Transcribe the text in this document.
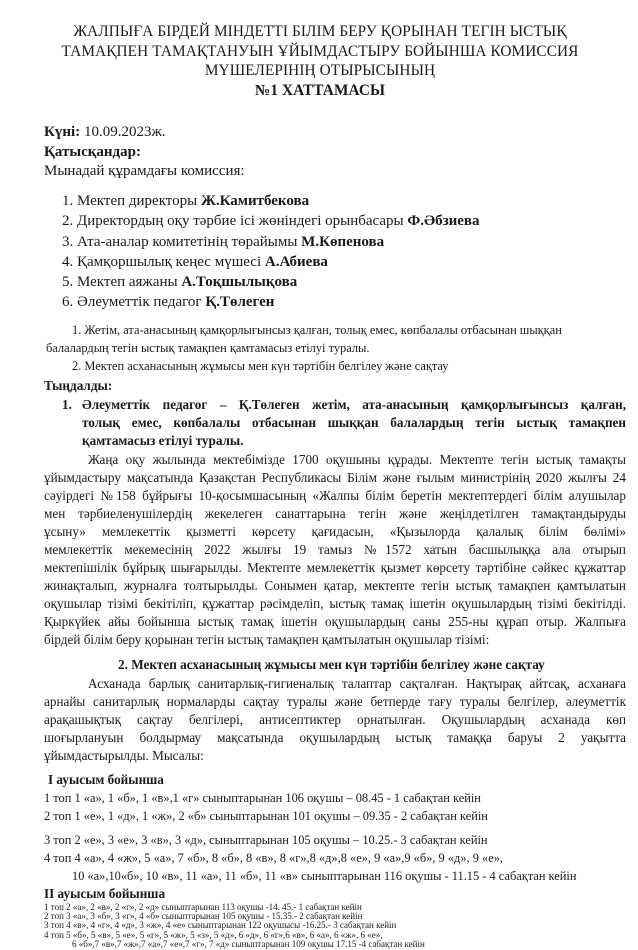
ЖАЛПЫҒА БІРДЕЙ МІНДЕТТІ БІЛІМ БЕРУ ҚОРЫНАН ТЕГІН ЫСТЫҚ
ТАМАҚПЕН ТАМАҚТАНУЫН ҰЙЫМДАСТЫРУ БОЙЫНША КОМИССИЯ
МҮШЕЛЕРІНІҢ ОТЫРЫСЫНЫҢ
№1 ХАТТАМАСЫ
Күні: 10.09.2023ж.
Қатысқандар:
Мынадай құрамдағы комиссия:
1. Мектеп директоры Ж.Камитбекова
2. Директордың оқу тәрбие ісі жөніндегі орынбасары Ф.Әбзиева
3. Ата-аналар комитетінің төрайымы М.Көпенова
4. Қамқоршылық кеңес мүшесі А.Абиева
5. Мектеп аяжаны А.Тоқшылықова
6. Әлеуметтік педагог Қ.Төлеген
1. Жетім, ата-анасының қамқорлығынсыз қалған, толық емес, көпбалалы отбасынан шыққан
балалардың тегін ыстық тамақпен қамтамасыз етілуі туралы.
2. Мектеп асханасының жұмысы мен күн тәртібін белгілеу және сақтау
Тыңдалды:
1. Әлеуметтік педагог – Қ.Төлеген жетім, ата-анасының қамқорлығынсыз қалған,
толық емес, көпбалалы отбасынан шыққан балалардың тегін ыстық тамақпен
қамтамасыз етілуі туралы.
Жаңа оқу жылында мектебімізде 1700 оқушыны құрады. Мектепте тегін ыстық тамақты
ұйымдастыру мақсатында Қазақстан Республикасы Білім және ғылым министрінің 2020 жылғы 24
сәуірдегі №158 бұйрығы 10-қосымшасының «Жалпы білім беретін мектептердегі білім алушылар
мен тәрбиеленушілердің жекелеген санаттарына тегін және жеңілдетілген тамақтандыруды
ұсыну» мемлекеттік қызметті көрсету қағидасын, «Қызылорда қалалық білім бөлімі»
мемлекеттік мекемесінің 2022 жылғы 19 тамыз №1572 хатын басшылыққа ала отырып
мектепішілік бұйрық шығарылды. Мектепте мемлекеттік қызмет көрсету тәртібіне сәйкес құжаттар
жинақталып, журналға толтырылды. Сонымен қатар, мектепте тегін ыстық тамақпен қамтылатын
оқушылар тізімі бекітіліп, құжаттар рәсімделіп, ыстық тамақ ішетін оқушылардың тізімі бекітілді.
Қыркүйек айы бойынша ыстық тамақ ішетін оқушылардың саны 255-ны құрап отыр. Жалпыға
бірдей білім беру қорынан тегін ыстық тамақпен қамтылатын оқушылар тізімі:
2. Мектеп асханасының жұмысы мен күн тәртібін белгілеу және сақтау
Асханада барлық санитарлық-гигиеналық талаптар сақталған. Нақтырақ айтсақ, асханаға
арнайы санитарлық нормаларды сақтау туралы және бетперде тағу туралы белгілер, әлеуметтік
арақашықтық сақтау белгілері, антисептиктер орнатылған. Оқушылардың асханада көп
шоғырлануын болдырмау мақсатында оқушылардың ыстық тамаққа баруы 2 уақытта
ұйымдастырылды. Мысалы:
I ауысым бойынша
1 топ 1 «а», 1 «б», 1 «в»,1 «г» сыныптарынан 106 оқушы – 08.45 - 1 сабақтан кейін
2 топ 1 «е», 1 «д», 1 «ж», 2 «б» сыныптарынан 101 оқушы – 09.35 - 2 сабақтан кейін
3 топ 2 «е», 3 «е», 3 «в», 3 «д», сыныптарынан 105 оқушы – 10.25.- 3 сабақтан кейін
4 топ 4 «а», 4 «ж», 5 «а», 7 «б», 8 «б», 8 «в», 8 «г»,8 «д»,8 «е», 9 «а»,9 «б», 9 «д», 9 «е»,
10 «а»,10«б», 10 «в», 11 «а», 11 «б», 11 «в» сыныптарынан 116 оқушы - 11.15 - 4 сабақтан кейін
II ауысым бойынша
1 топ 2 «а», 2 «в», 2 «г», 2 «д» сыныптарынан 113 оқушы -14. 45.- 1 сабақтан кейін
2 топ 3 «а», 3 «б», 3 «г», 4 «б» сыныптарынан 105 оқушы - 15.35.- 2 сабақтан кейін
3 топ 4 «в», 4 «г», 4 «д», 3 «ж», 4 «е» сыныптарынан 122 оқушысы -16.25.- 3 сабақтан кейін
4 топ 5 «б», 5 «в», 5 «е», 5 «г», 5 «ж», 5 «з», 5 «д», 6 «д», 6 «г»,6 «в», 6 «а», 6 «ж», 6 «е»,
6 «б»,7 «в»,7 «ж»,7 «а»,7 «е»,7 «г», 7 «д» сыныптарынан 109 оқушы 17.15 -4 сабақтан кейін
